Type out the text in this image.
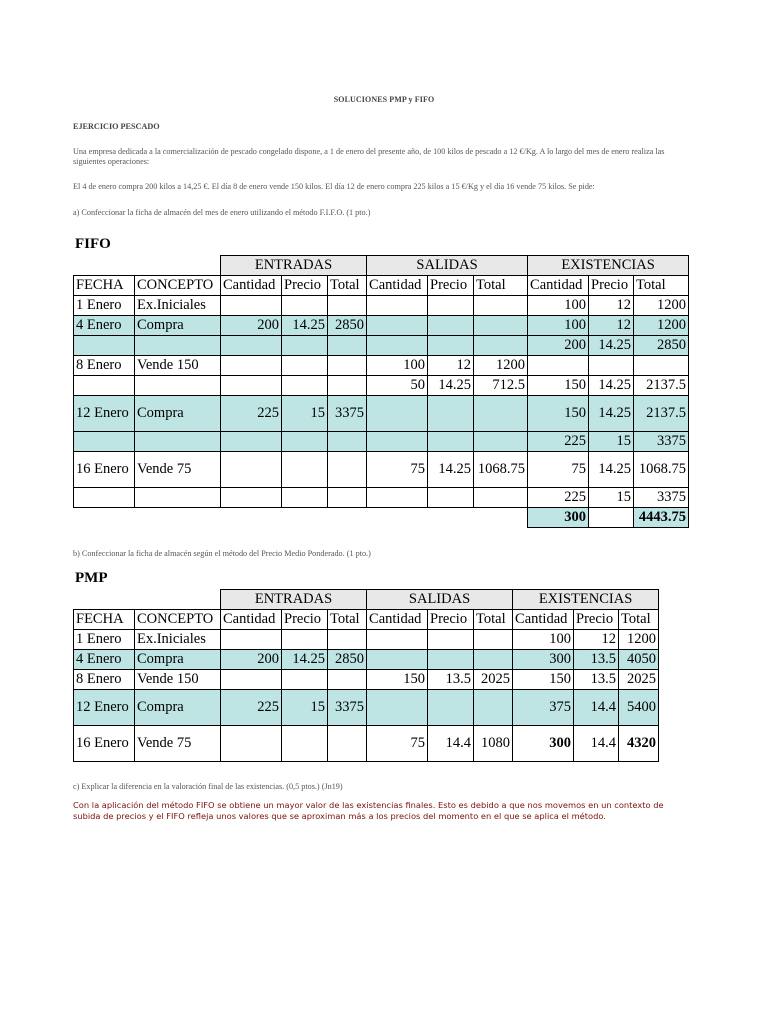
SOLUCIONES PMP y FIFO
EJERCICIO PESCADO
Una empresa dedicada a la comercialización de pescado congelado dispone, a 1 de enero del presente año, de 100 kilos de pescado a 12 €/Kg. A lo largo del mes de enero realiza las siguientes operaciones:
El 4 de enero compra 200 kilos a 14,25 €. El día 8 de enero vende 150 kilos. El día 12 de enero compra 225 kilos a 15 €/Kg y el día 16 vende 75 kilos. Se pide:
a) Confeccionar la ficha de almacén del mes de enero utilizando el método F.I.F.O. (1 pto.)
FIFO
		ENTRADAS			SALIDAS			EXISTENCIAS		
FECHA	CONCEPTO	Cantidad	Precio	Total	Cantidad	Precio	Total	Cantidad	Precio	Total
1 Enero	Ex.Iniciales							100	12	1200
4 Enero	Compra	200	14.25	2850				100	12	1200
								200	14.25	2850
8 Enero	Vende 150				100	12	1200			
					50	14.25	712.5	150	14.25	2137.5
12 Enero	Compra	225	15	3375				150	14.25	2137.5
								225	15	3375
16 Enero	Vende 75				75	14.25	1068.75	75	14.25	1068.75
								225	15	3375
								300		4443.75
b) Confeccionar la ficha de almacén según el método del Precio Medio Ponderado. (1 pto.)
PMP
		ENTRADAS			SALIDAS			EXISTENCIAS		
FECHA	CONCEPTO	Cantidad	Precio	Total	Cantidad	Precio	Total	Cantidad	Precio	Total
1 Enero	Ex.Iniciales							100	12	1200
4 Enero	Compra	200	14.25	2850				300	13.5	4050
8 Enero	Vende 150				150	13.5	2025	150	13.5	2025
12 Enero	Compra	225	15	3375				375	14.4	5400
16 Enero	Vende 75				75	14.4	1080	300	14.4	4320
c) Explicar la diferencia en la valoración final de las existencias. (0,5 ptos.) (Jn19)
Con la aplicación del método FIFO se obtiene un mayor valor de las existencias finales. Esto es debido a que nos movemos en un contexto de subida de precios y el FIFO refleja unos valores que se aproximan más a los precios del momento en el que se aplica el método.
